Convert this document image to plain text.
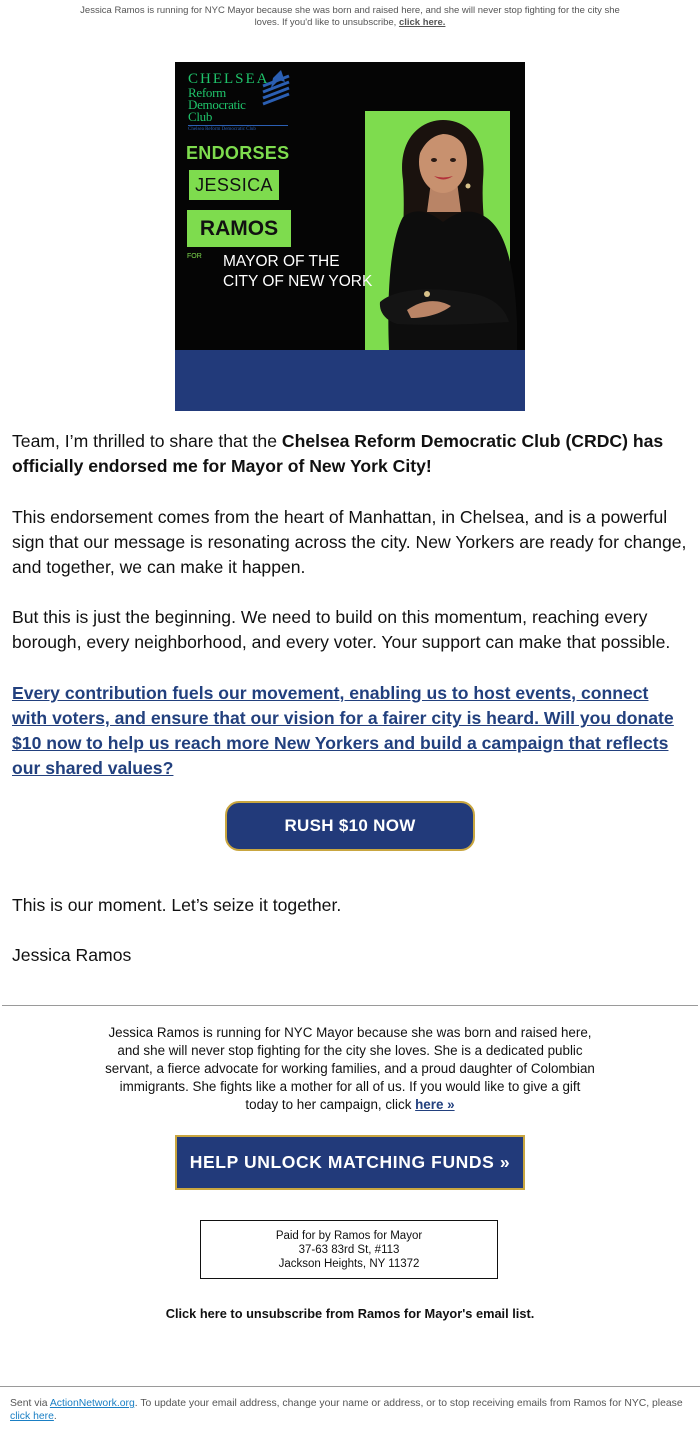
Jessica Ramos is running for NYC Mayor because she was born and raised here, and she will never stop fighting for the city she loves. If you'd like to unsubscribe, click here.
CHELSEA
Reform
Democratic
Club
Chelsea Reform Democratic Club
ENDORSES
JESSICA
RAMOS
FOR MAYOR OF THE CITY OF NEW YORK
Team, I’m thrilled to share that the Chelsea Reform Democratic Club (CRDC) has officially endorsed me for Mayor of New York City!
This endorsement comes from the heart of Manhattan, in Chelsea, and is a powerful sign that our message is resonating across the city. New Yorkers are ready for change, and together, we can make it happen.
But this is just the beginning. We need to build on this momentum, reaching every borough, every neighborhood, and every voter. Your support can make that possible.
Every contribution fuels our movement, enabling us to host events, connect with voters, and ensure that our vision for a fairer city is heard. Will you donate $10 now to help us reach more New Yorkers and build a campaign that reflects our shared values?
RUSH $10 NOW
This is our moment. Let’s seize it together.
Jessica Ramos
Jessica Ramos is running for NYC Mayor because she was born and raised here, and she will never stop fighting for the city she loves. She is a dedicated public servant, a fierce advocate for working families, and a proud daughter of Colombian immigrants. She fights like a mother for all of us. If you would like to give a gift today to her campaign, click here »
HELP UNLOCK MATCHING FUNDS »
Paid for by Ramos for Mayor
37-63 83rd St, #113
Jackson Heights, NY 11372
Click here to unsubscribe from Ramos for Mayor's email list.
Sent via ActionNetwork.org. To update your email address, change your name or address, or to stop receiving emails from Ramos for NYC, please click here.
